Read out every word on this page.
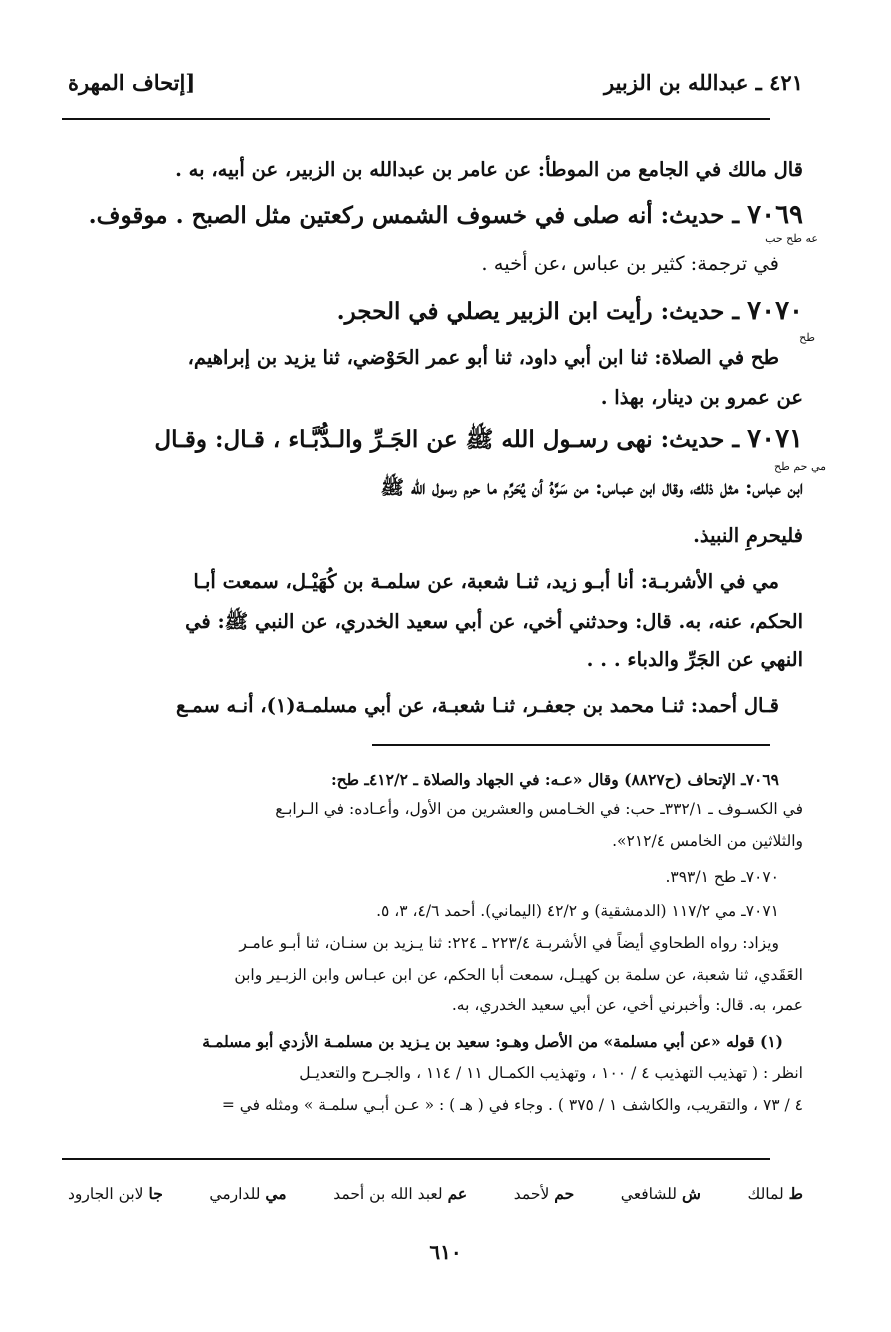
٤٢١ ـ عبدالله بن الزبير
[إتحاف المهرة
قال مالك في الجامع من الموطأ: عن عامر بن عبدالله بن الزبير، عن أبيه، به .
٧٠٦٩ ـ حديث: أنه صلى في خسوف الشمس ركعتين مثل الصبح . موقوف.
عه طح حب
في ترجمة: كثير بن عباس ،عن أخيه .
٧٠٧٠ ـ حديث: رأيت ابن الزبير يصلي في الحجر.
طح
طح في الصلاة: ثنا ابن أبي داود، ثنا أبو عمر الحَوْضي، ثنا يزيد بن إبراهيم،
عن عمرو بن دينار، بهذا .
٧٠٧١ ـ حديث: نهى رسـول الله ﷺ عن الجَـرِّ والـدُّبَّـاء ، قـال: وقـال
مي حم طح
ابن عباس: مثل ذلك، وقال ابن عبـاس: من سَرَّهُ أن يُحَرِّم ما حرم رسول الله ﷺ
فليحرمِ النبيذ.
مي في الأشربـة: أنا أبـو زيد، ثنـا شعبة، عن سلمـة بن كُهَيْـل، سمعت أبـا
الحكم، عنه، به. قال: وحدثني أخي، عن أبي سعيد الخدري، عن النبي ﷺ: في
النهي عن الجَرِّ والدباء . . .
قـال أحمد: ثنـا محمد بن جعفـر، ثنـا شعبـة، عن أبي مسلمـة(١)، أنـه سمـع
٧٠٦٩ـ الإتحاف (ح٨٨٢٧) وقال «عـه: في الجهاد والصلاة ـ ٤١٢/٢ـ طح:
في الكسـوف ـ ٣٣٢/١ـ حب: في الخـامس والعشرين من الأول، وأعـاده: في الـرابـع
والثلاثين من الخامس ٢١٢/٤».
٧٠٧٠ـ طح ٣٩٣/١.
٧٠٧١ـ مي ١١٧/٢ (الدمشقية) و ٤٢/٢ (اليماني). أحمد ٤/٦، ٣، ٥.
ويزاد: رواه الطحاوي أيضاً في الأشربـة ٢٢٣/٤ ـ ٢٢٤: ثنا يـزيد بن سنـان، ثنا أبـو عامـر
العَقَدي، ثنا شعبة، عن سلمة بن كهيـل، سمعت أبا الحكم، عن ابن عبـاس وابن الزبـير وابن
عمر، به. قال: وأخبرني أخي، عن أبي سعيد الخدري، به.
(١) قوله «عن أبي مسلمة» من الأصل وهـو: سعيد بن يـزيد بن مسلمـة الأزدي أبو مسلمـة
انظر : ( تهذيب التهذيب ٤ / ١٠٠ ، وتهذيب الكمـال ١١ / ١١٤ ، والجـرح والتعديـل
٤ / ٧٣ ، والتقريب، والكاشف ١ / ٣٧٥ ) . وجاء في ( هـ ) : « عـن أبـي سلمـة » ومثله في =
ط لمالك
ش للشافعي
حم لأحمد
عم لعبد الله بن أحمد
مي للدارمي
جا لابن الجارود
٦١٠
